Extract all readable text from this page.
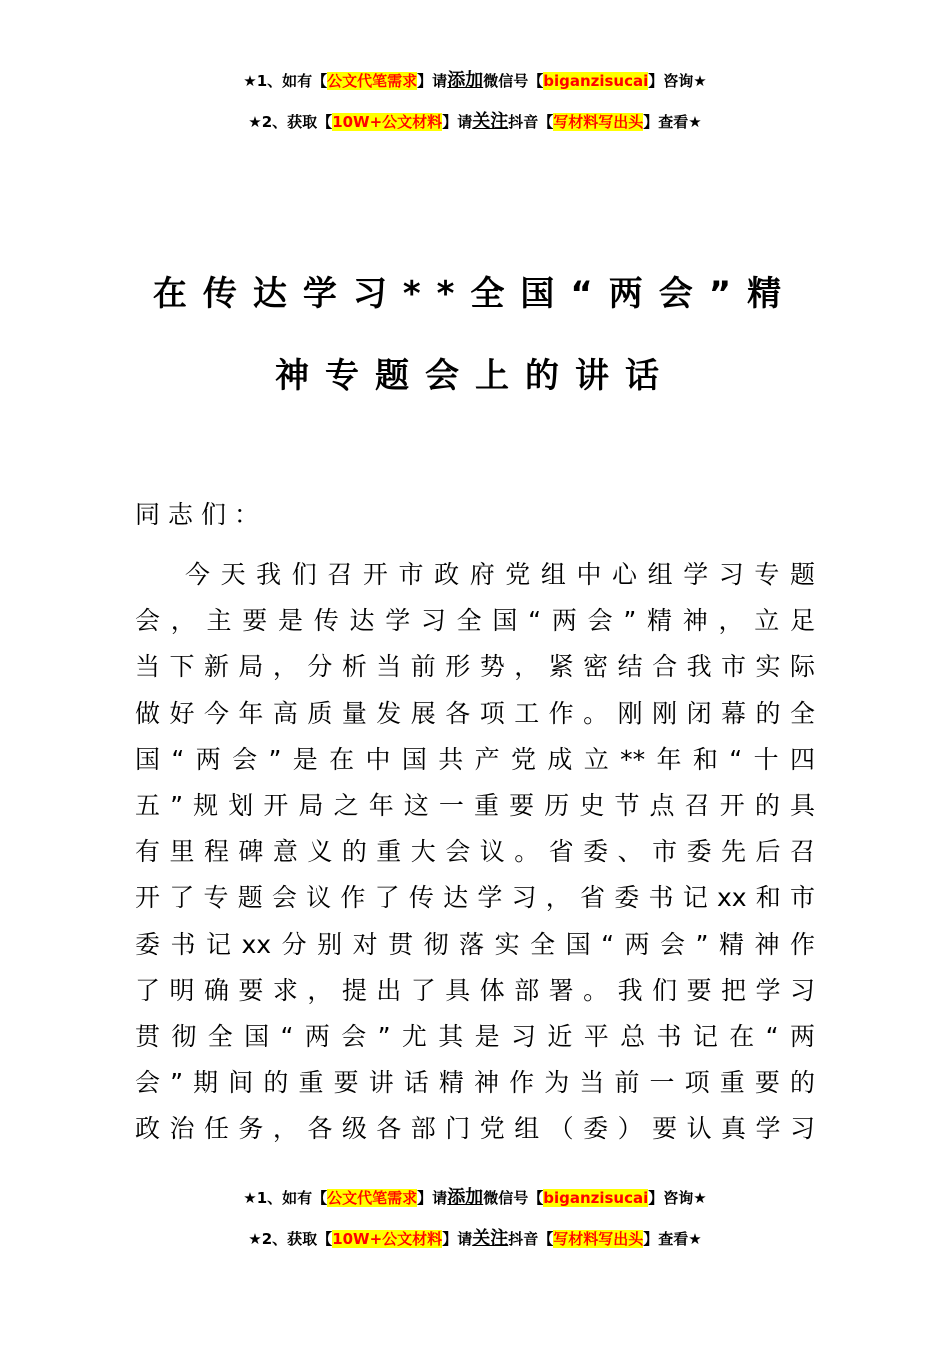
★1、如有【公文代笔需求】请添加微信号【biganzisucai】咨询★
★2、获取【10W+公文材料】请关注抖音【写材料写出头】查看★
在传达学习**全国“两会”精
神专题会上的讲话
同志们：
今天我们召开市政府党组中心组学习专题
会，主要是传达学习全国“两会”精神，立足
当下新局，分析当前形势，紧密结合我市实际
做好今年高质量发展各项工作。刚刚闭幕的全
国“两会”是在中国共产党成立**年和“十四
五”规划开局之年这一重要历史节点召开的具
有里程碑意义的重大会议。省委、市委先后召
开了专题会议作了传达学习，省委书记xx和市
委书记xx分别对贯彻落实全国“两会”精神作
了明确要求，提出了具体部署。我们要把学习
贯彻全国“两会”尤其是习近平总书记在“两
会”期间的重要讲话精神作为当前一项重要的
政治任务，各级各部门党组（委）要认真学习
★1、如有【公文代笔需求】请添加微信号【biganzisucai】咨询★
★2、获取【10W+公文材料】请关注抖音【写材料写出头】查看★
